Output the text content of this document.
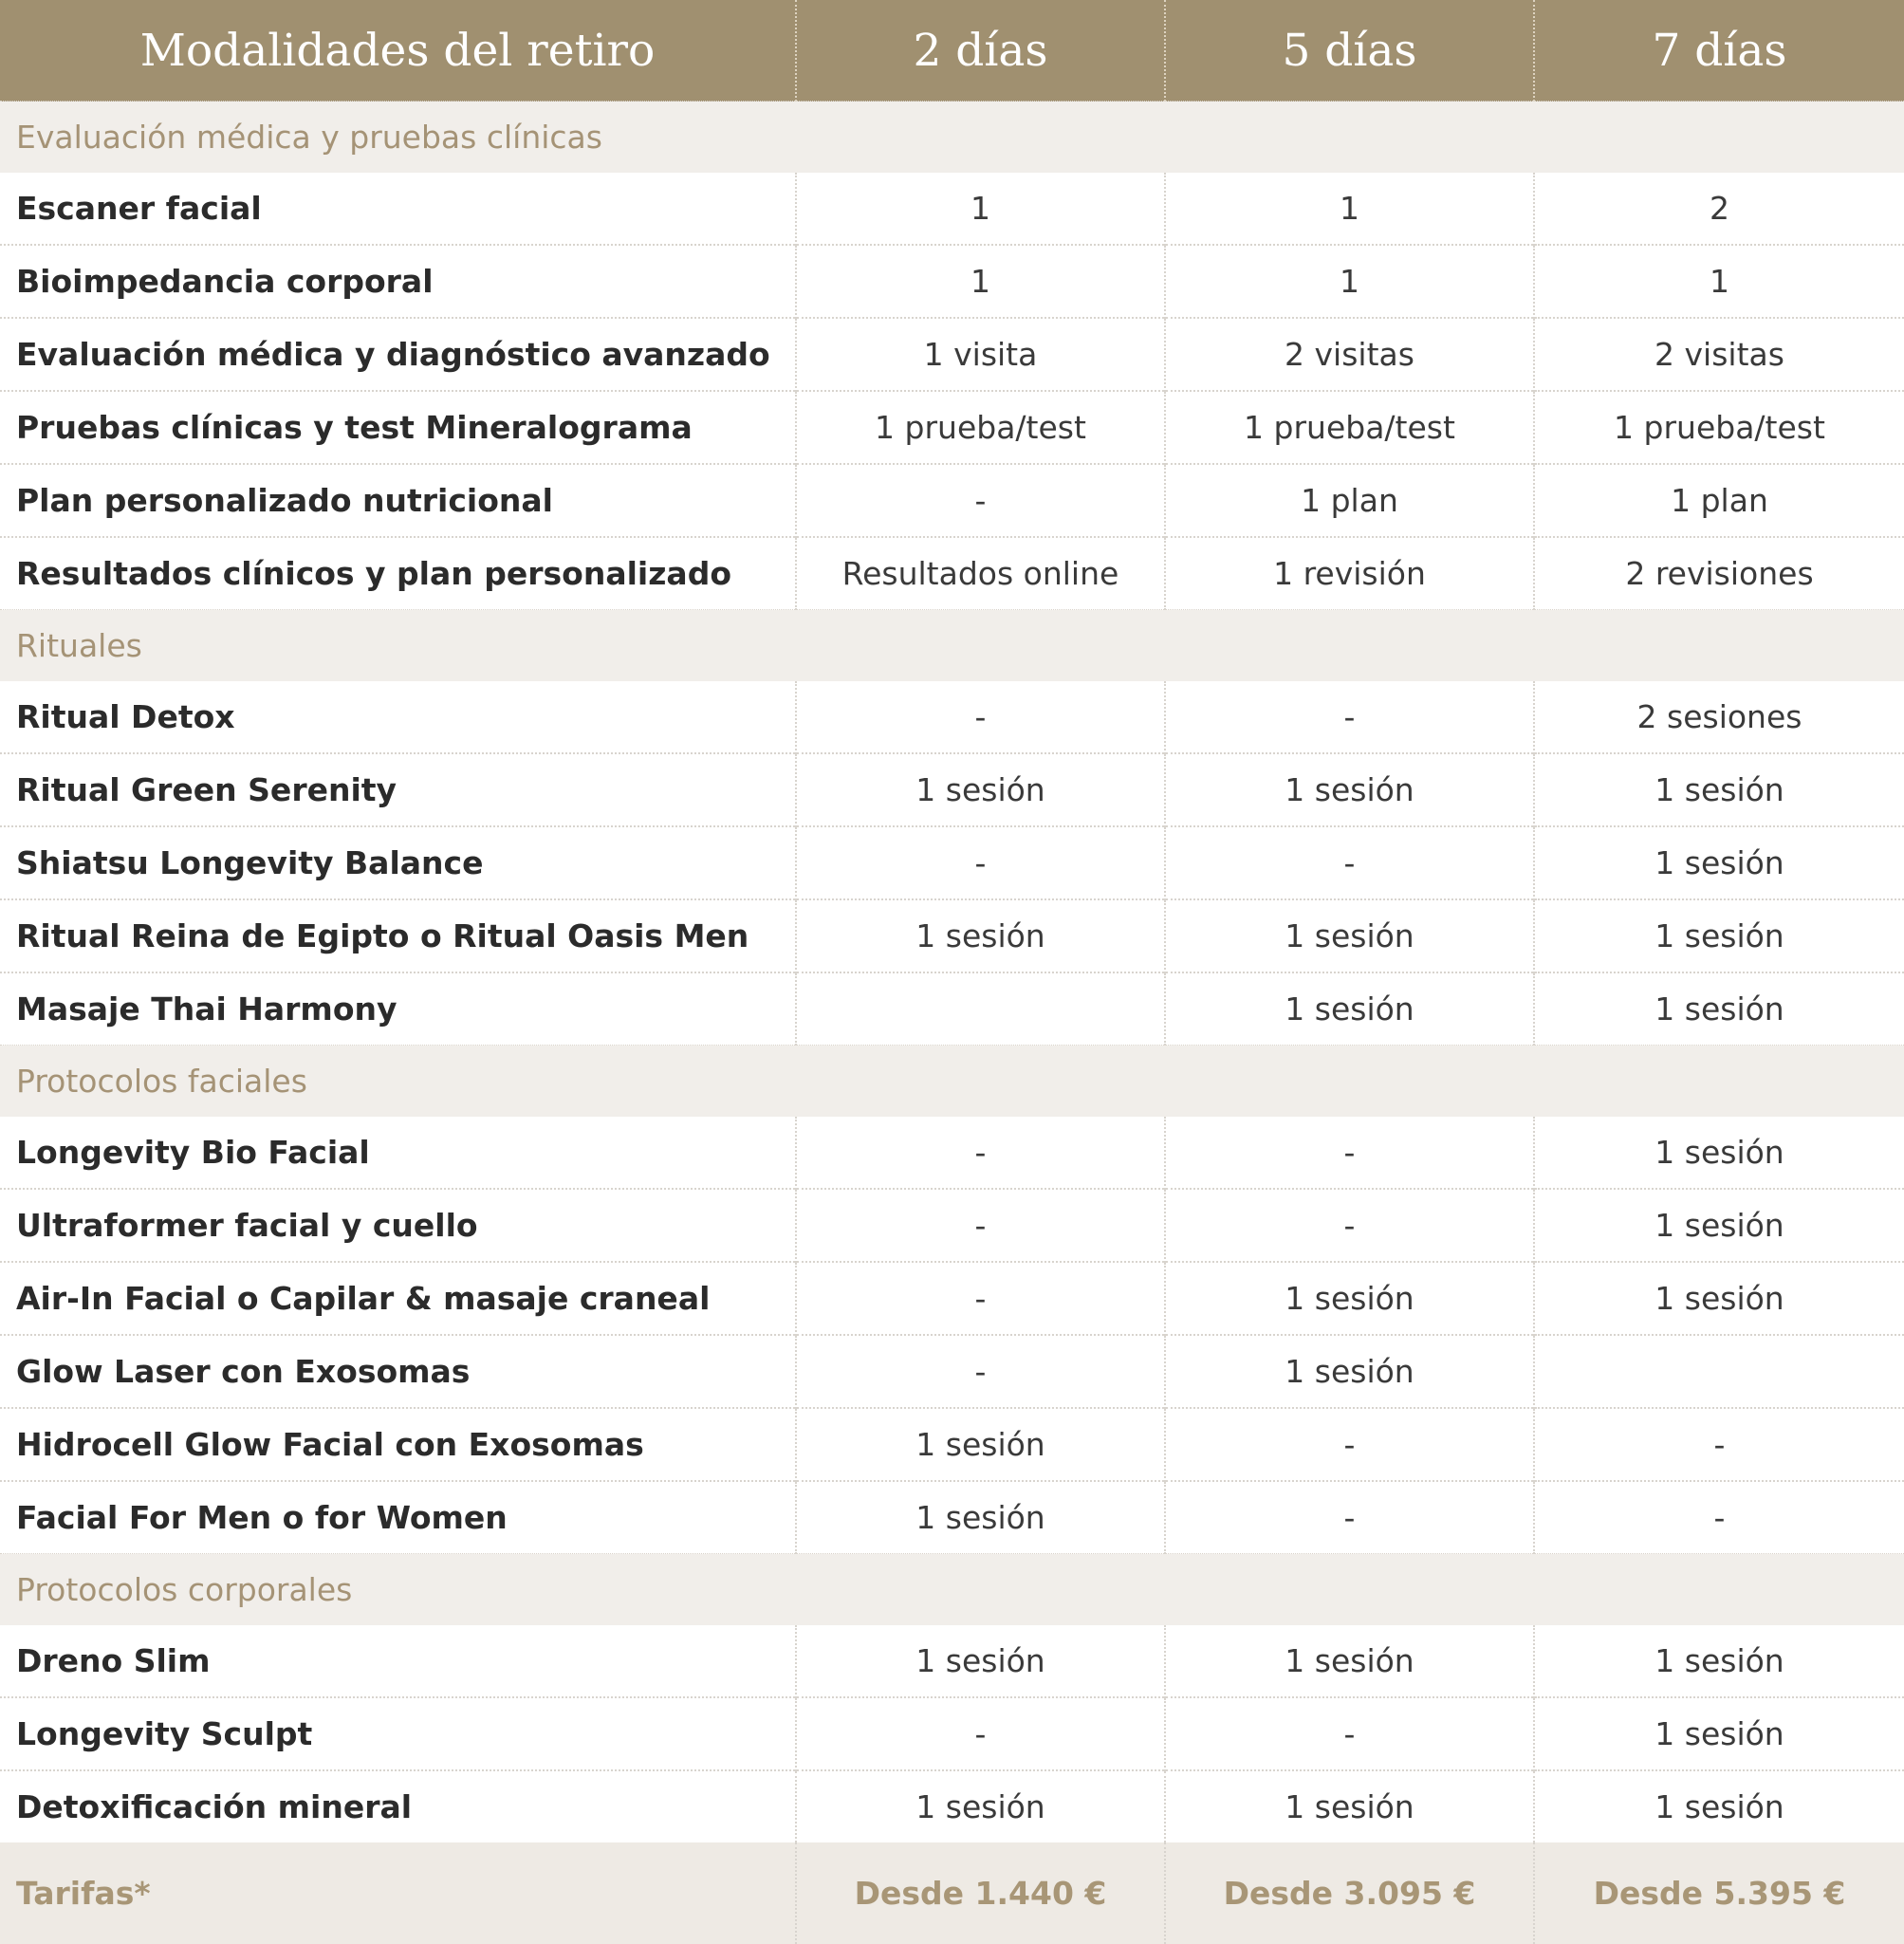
Modalidades del retiro	2 días	5 días	7 días
Evaluación médica y pruebas clínicas			
Escaner facial	1	1	2
Bioimpedancia corporal	1	1	1
Evaluación médica y diagnóstico avanzado	1 visita	2 visitas	2 visitas
Pruebas clínicas y test Mineralograma	1 prueba/test	1 prueba/test	1 prueba/test
Plan personalizado nutricional	-	1 plan	1 plan
Resultados clínicos y plan personalizado	Resultados online	1 revisión	2 revisiones
Rituales			
Ritual Detox	-	-	2 sesiones
Ritual Green Serenity	1 sesión	1 sesión	1 sesión
Shiatsu Longevity Balance	-	-	1 sesión
Ritual Reina de Egipto o Ritual Oasis Men	1 sesión	1 sesión	1 sesión
Masaje Thai Harmony		1 sesión	1 sesión
Protocolos faciales			
Longevity Bio Facial	-	-	1 sesión
Ultraformer facial y cuello	-	-	1 sesión
Air-In Facial o Capilar & masaje craneal	-	1 sesión	1 sesión
Glow Laser con Exosomas	-	1 sesión	
Hidrocell Glow Facial con Exosomas	1 sesión	-	-
Facial For Men o for Women	1 sesión	-	-
Protocolos corporales			
Dreno Slim	1 sesión	1 sesión	1 sesión
Longevity Sculpt	-	-	1 sesión
Detoxificación mineral	1 sesión	1 sesión	1 sesión
Tarifas*	Desde 1.440 €	Desde 3.095 €	Desde 5.395 €
